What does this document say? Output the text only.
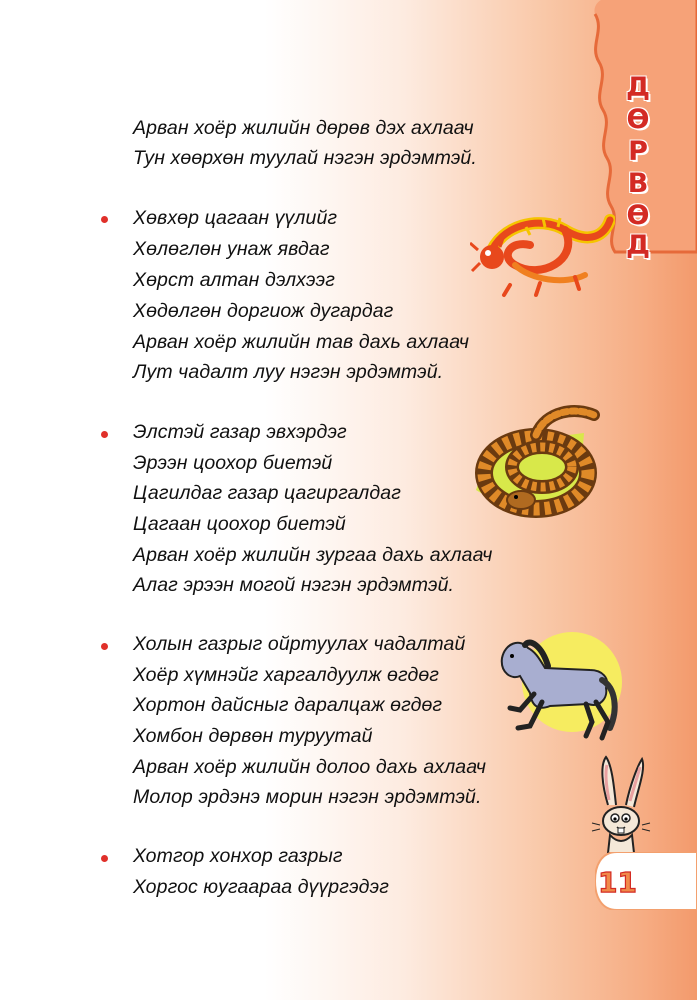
Д
Ө
Р
В
Ө
Д
Арван хоёр жилийн дөрөв дэх ахлаач
Тун хөөрхөн туулай нэгэн эрдэмтэй.
Хөвхөр цагаан үүлийг
Хөлөглөн унаж явдаг
Хөрст алтан дэлхээг
Хөдөлгөн доргиож дугардаг
Арван хоёр жилийн тав дахь ахлаач
Лут чадалт луу нэгэн эрдэмтэй.
Элстэй газар эвхэрдэг
Эрээн цоохор биетэй
Цагилдаг газар цагиргалдаг
Цагаан цоохор биетэй
Арван хоёр жилийн зургаа дахь ахлаач
Алаг эрээн могой нэгэн эрдэмтэй.
Холын газрыг ойртуулах чадалтай
Хоёр хүмнэйг харгалдуулж өгдөг
Хортон дайсныг даралцаж өгдөг
Хомбон дөрвөн туруутай
Арван хоёр жилийн долоо дахь ахлаач
Молор эрдэнэ морин нэгэн эрдэмтэй.
Хотгор хонхор газрыг
Хоргос юугаараа дүүргэдэг	11
